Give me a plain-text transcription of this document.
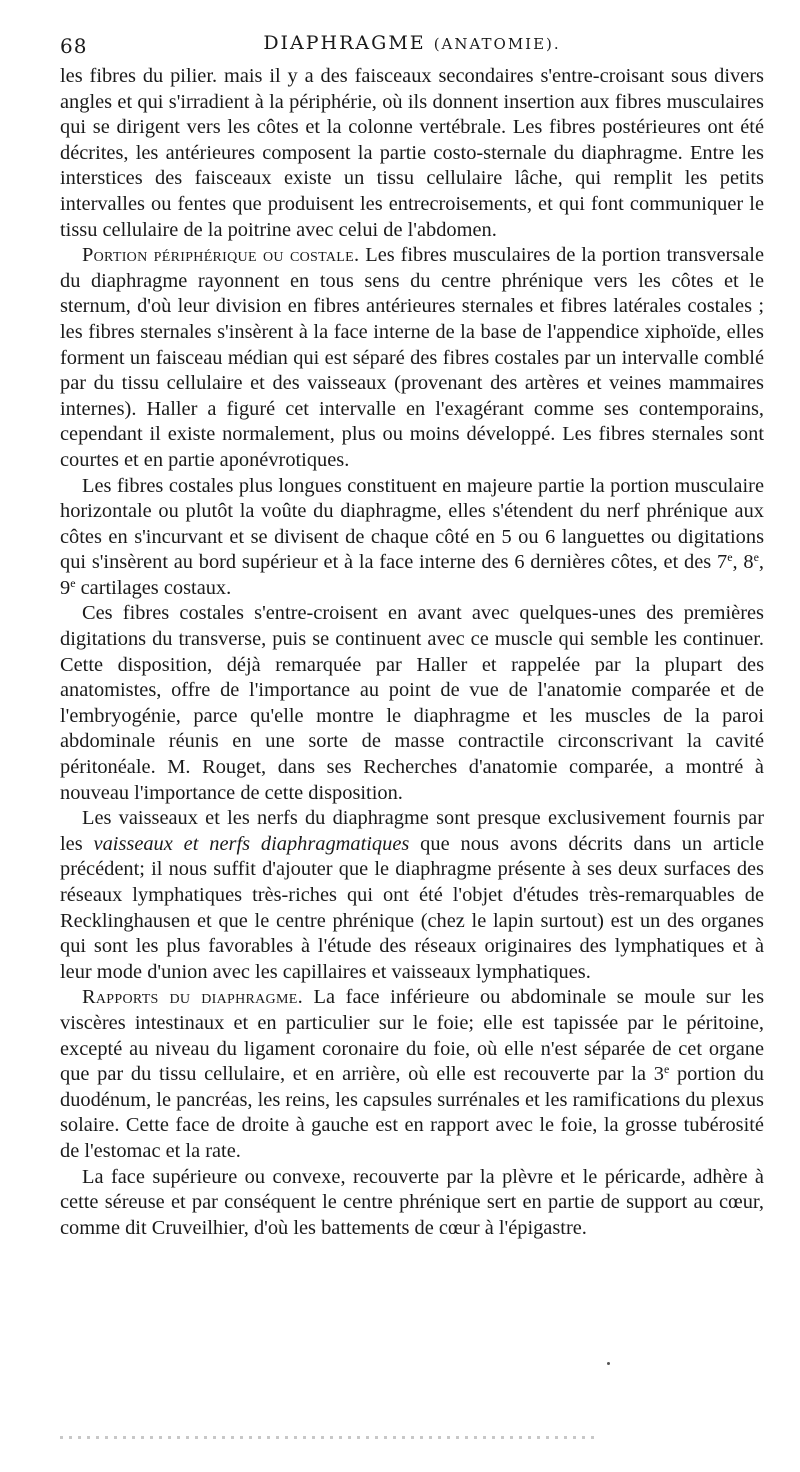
68	DIAPHRAGME (ANATOMIE).

les fibres du pilier. mais il y a des faisceaux secondaires s'entre-croisant sous divers angles et qui s'irradient à la périphérie, où ils donnent insertion aux fibres musculaires qui se dirigent vers les côtes et la colonne vertébrale. Les fibres postérieures ont été décrites, les antérieures composent la partie costo-sternale du diaphragme. Entre les interstices des faisceaux existe un tissu cellulaire lâche, qui remplit les petits intervalles ou fentes que produisent les entrecroisements, et qui font communiquer le tissu cellulaire de la poitrine avec celui de l'abdomen.

Portion périphérique ou costale. Les fibres musculaires de la portion transversale du diaphragme rayonnent en tous sens du centre phrénique vers les côtes et le sternum, d'où leur division en fibres antérieures sternales et fibres latérales costales ; les fibres sternales s'insèrent à la face interne de la base de l'appendice xiphoïde, elles forment un faisceau médian qui est séparé des fibres costales par un intervalle comblé par du tissu cellulaire et des vaisseaux (provenant des artères et veines mammaires internes). Haller a figuré cet intervalle en l'exagérant comme ses contemporains, cependant il existe normalement, plus ou moins développé. Les fibres sternales sont courtes et en partie aponévrotiques.

Les fibres costales plus longues constituent en majeure partie la portion musculaire horizontale ou plutôt la voûte du diaphragme, elles s'étendent du nerf phrénique aux côtes en s'incurvant et se divisent de chaque côté en 5 ou 6 languettes ou digitations qui s'insèrent au bord supérieur et à la face interne des 6 dernières côtes, et des 7e, 8e, 9e cartilages costaux.

Ces fibres costales s'entre-croisent en avant avec quelques-unes des premières digitations du transverse, puis se continuent avec ce muscle qui semble les continuer. Cette disposition, déjà remarquée par Haller et rappelée par la plupart des anatomistes, offre de l'importance au point de vue de l'anatomie comparée et de l'embryogénie, parce qu'elle montre le diaphragme et les muscles de la paroi abdominale réunis en une sorte de masse contractile circonscrivant la cavité péritonéale. M. Rouget, dans ses Recherches d'anatomie comparée, a montré à nouveau l'importance de cette disposition.

Les vaisseaux et les nerfs du diaphragme sont presque exclusivement fournis par les vaisseaux et nerfs diaphragmatiques que nous avons décrits dans un article précédent; il nous suffit d'ajouter que le diaphragme présente à ses deux surfaces des réseaux lymphatiques très-riches qui ont été l'objet d'études très-remarquables de Recklinghausen et que le centre phrénique (chez le lapin surtout) est un des organes qui sont les plus favorables à l'étude des réseaux originaires des lymphatiques et à leur mode d'union avec les capillaires et vaisseaux lymphatiques.

Rapports du diaphragme. La face inférieure ou abdominale se moule sur les viscères intestinaux et en particulier sur le foie; elle est tapissée par le péritoine, excepté au niveau du ligament coronaire du foie, où elle n'est séparée de cet organe que par du tissu cellulaire, et en arrière, où elle est recouverte par la 3e portion du duodénum, le pancréas, les reins, les capsules surrénales et les ramifications du plexus solaire. Cette face de droite à gauche est en rapport avec le foie, la grosse tubérosité de l'estomac et la rate.

La face supérieure ou convexe, recouverte par la plèvre et le péricarde, adhère à cette séreuse et par conséquent le centre phrénique sert en partie de support au cœur, comme dit Cruveilhier, d'où les battements de cœur à l'épigastre.
